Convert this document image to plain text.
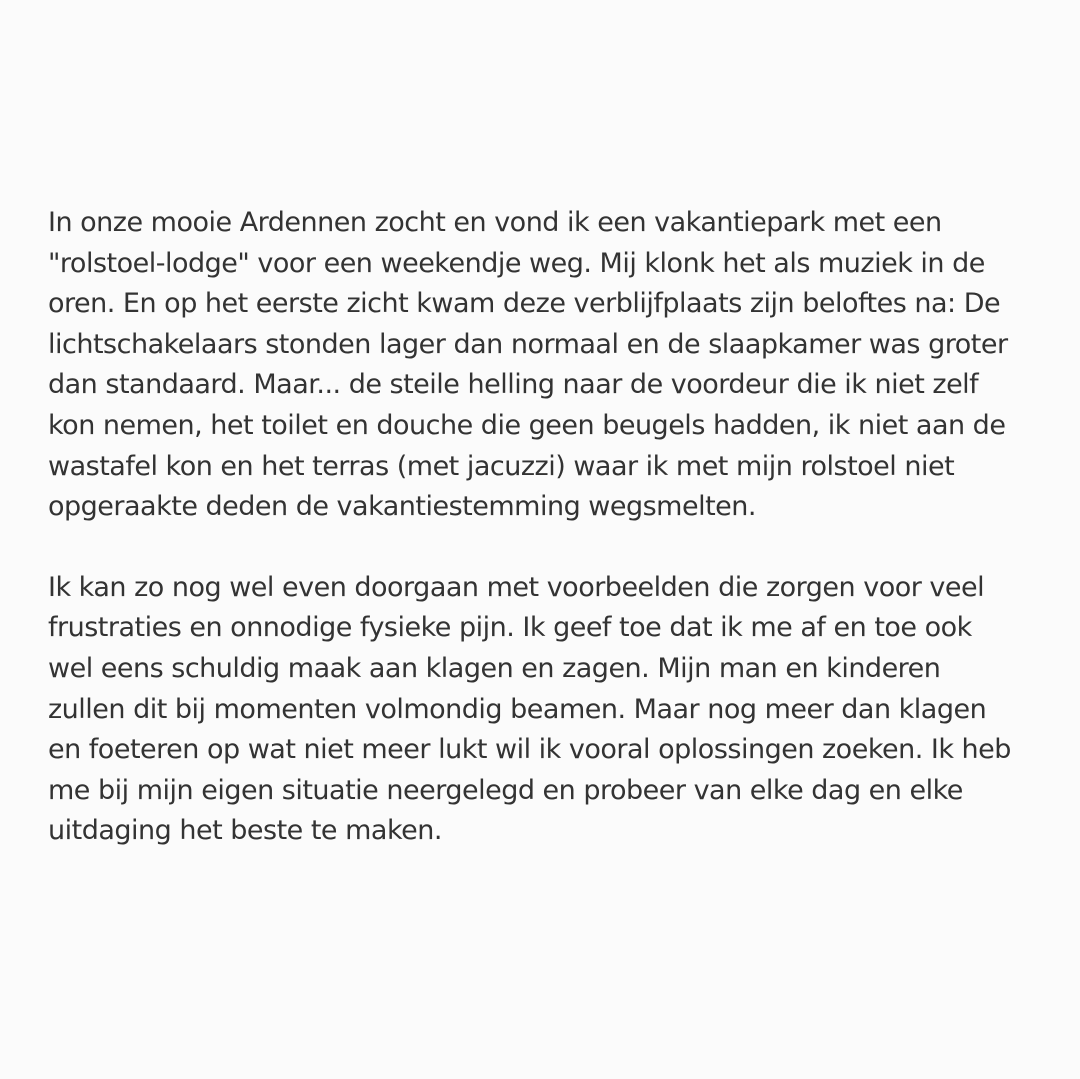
In onze mooie Ardennen zocht en vond ik een vakantiepark met een
"rolstoel-lodge" voor een weekendje weg. Mij klonk het als muziek in de
oren. En op het eerste zicht kwam deze verblijfplaats zijn beloftes na: De
lichtschakelaars stonden lager dan normaal en de slaapkamer was groter
dan standaard. Maar... de steile helling naar de voordeur die ik niet zelf
kon nemen, het toilet en douche die geen beugels hadden, ik niet aan de
wastafel kon en het terras (met jacuzzi) waar ik met mijn rolstoel niet
opgeraakte deden de vakantiestemming wegsmelten.

Ik kan zo nog wel even doorgaan met voorbeelden die zorgen voor veel
frustraties en onnodige fysieke pijn. Ik geef toe dat ik me af en toe ook
wel eens schuldig maak aan klagen en zagen. Mijn man en kinderen
zullen dit bij momenten volmondig beamen. Maar nog meer dan klagen
en foeteren op wat niet meer lukt wil ik vooral oplossingen zoeken. Ik heb
me bij mijn eigen situatie neergelegd en probeer van elke dag en elke
uitdaging het beste te maken.
